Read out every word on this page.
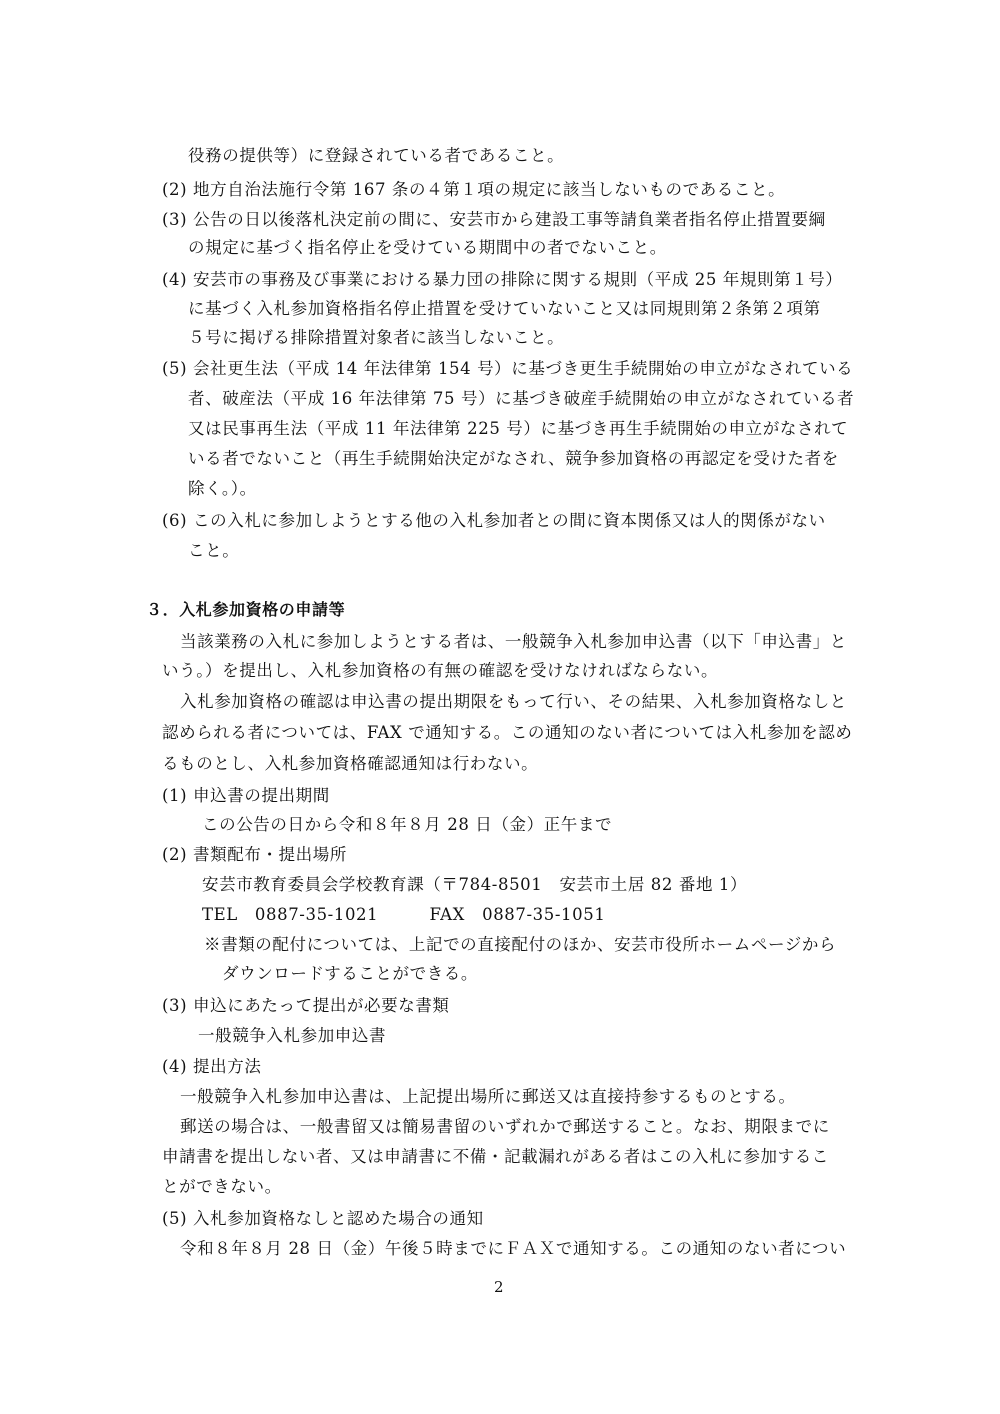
役務の提供等）に登録されている者であること。
(2) 地方自治法施行令第 167 条の４第１項の規定に該当しないものであること。
(3) 公告の日以後落札決定前の間に、安芸市から建設工事等請負業者指名停止措置要綱
の規定に基づく指名停止を受けている期間中の者でないこと。
(4) 安芸市の事務及び事業における暴力団の排除に関する規則（平成 25 年規則第１号）
に基づく入札参加資格指名停止措置を受けていないこと又は同規則第２条第２項第
５号に掲げる排除措置対象者に該当しないこと。
(5) 会社更生法（平成 14 年法律第 154 号）に基づき更生手続開始の申立がなされている
者、破産法（平成 16 年法律第 75 号）に基づき破産手続開始の申立がなされている者
又は民事再生法（平成 11 年法律第 225 号）に基づき再生手続開始の申立がなされて
いる者でないこと（再生手続開始決定がなされ、競争参加資格の再認定を受けた者を
除く。）。
(6) この入札に参加しようとする他の入札参加者との間に資本関係又は人的関係がない
こと。
３．入札参加資格の申請等
当該業務の入札に参加しようとする者は、一般競争入札参加申込書（以下「申込書」と
いう。）を提出し、入札参加資格の有無の確認を受けなければならない。
入札参加資格の確認は申込書の提出期限をもって行い、その結果、入札参加資格なしと
認められる者については、FAX で通知する。この通知のない者については入札参加を認め
るものとし、入札参加資格確認通知は行わない。
(1) 申込書の提出期間
この公告の日から令和８年８月 28 日（金）正午まで
(2) 書類配布・提出場所
安芸市教育委員会学校教育課（〒784-8501　安芸市土居 82 番地 1）
TEL　0887-35-1021　　　FAX　0887-35-1051
※書類の配付については、上記での直接配付のほか、安芸市役所ホームページから
ダウンロードすることができる。
(3) 申込にあたって提出が必要な書類
一般競争入札参加申込書
(4) 提出方法
一般競争入札参加申込書は、上記提出場所に郵送又は直接持参するものとする。
郵送の場合は、一般書留又は簡易書留のいずれかで郵送すること。なお、期限までに
申請書を提出しない者、又は申請書に不備・記載漏れがある者はこの入札に参加するこ
とができない。
(5) 入札参加資格なしと認めた場合の通知
令和８年８月 28 日（金）午後５時までにＦＡＸで通知する。この通知のない者につい
2
